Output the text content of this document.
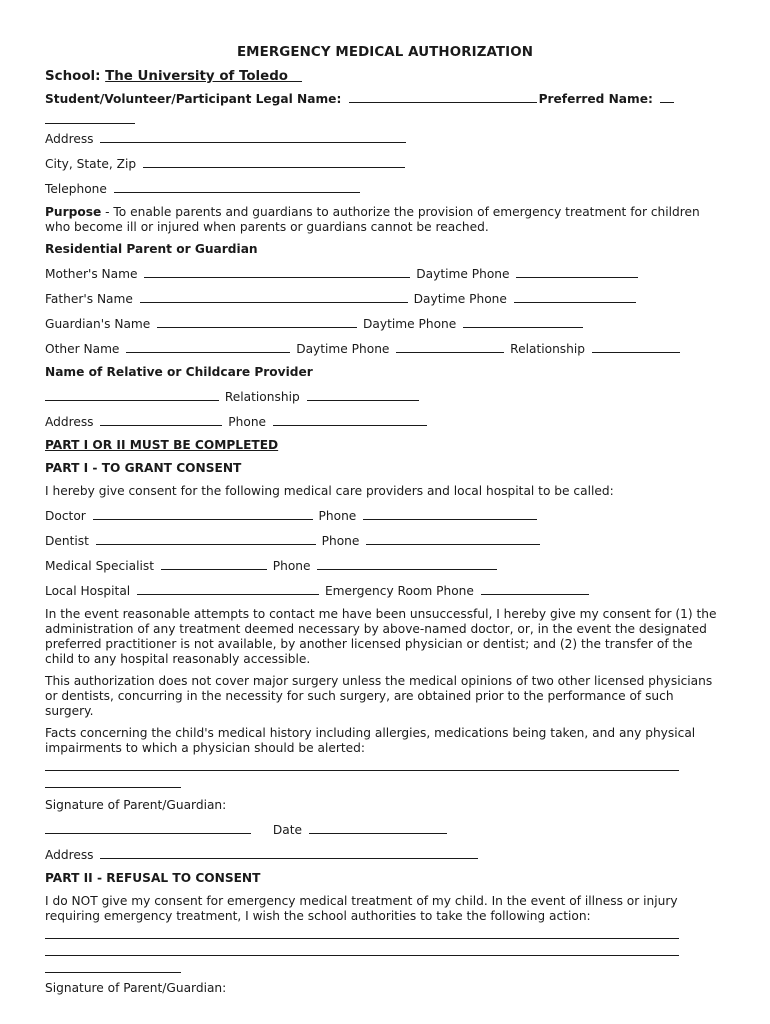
EMERGENCY MEDICAL AUTHORIZATION
School: The University of Toledo
Student/Volunteer/Participant Legal Name:	Preferred Name:
Address
City, State, Zip
Telephone
Purpose - To enable parents and guardians to authorize the provision of emergency treatment for children who become ill or injured when parents or guardians cannot be reached.
Residential Parent or Guardian
Mother's Name	Daytime Phone
Father's Name	Daytime Phone
Guardian's Name	Daytime Phone
Other Name	Daytime Phone	Relationship
Name of Relative or Childcare Provider
Relationship
Address	Phone
PART I OR II MUST BE COMPLETED
PART I - TO GRANT CONSENT
I hereby give consent for the following medical care providers and local hospital to be called:
Doctor	Phone
Dentist	Phone
Medical Specialist	Phone
Local Hospital	Emergency Room Phone
In the event reasonable attempts to contact me have been unsuccessful, I hereby give my consent for (1) the administration of any treatment deemed necessary by above-named doctor, or, in the event the designated preferred practitioner is not available, by another licensed physician or dentist; and (2) the transfer of the child to any hospital reasonably accessible.
This authorization does not cover major surgery unless the medical opinions of two other licensed physicians or dentists, concurring in the necessity for such surgery, are obtained prior to the performance of such surgery.
Facts concerning the child's medical history including allergies, medications being taken, and any physical impairments to which a physician should be alerted:
Signature of Parent/Guardian:
Date
Address
PART II - REFUSAL TO CONSENT
I do NOT give my consent for emergency medical treatment of my child. In the event of illness or injury requiring emergency treatment, I wish the school authorities to take the following action:
Signature of Parent/Guardian:
